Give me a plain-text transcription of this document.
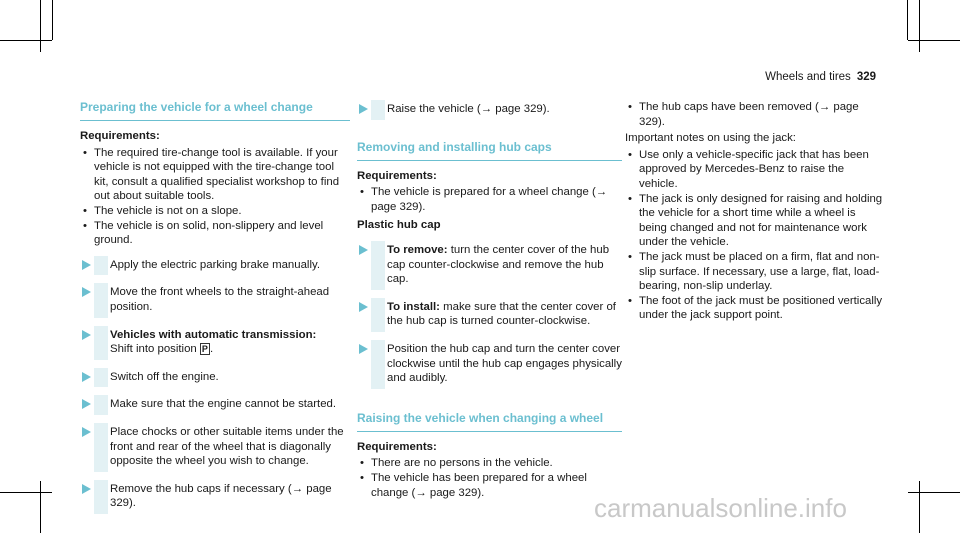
Wheels and tires 329
Preparing the vehicle for a wheel change
Requirements:
• The required tire-change tool is available. If your vehicle is not equipped with the tire-change tool kit, consult a qualified specialist workshop to find out about suitable tools.
• The vehicle is not on a slope.
• The vehicle is on solid, non-slippery and level ground.
Apply the electric parking brake manually.
Move the front wheels to the straight-ahead position.
Vehicles with automatic transmission:
Shift into position P .
Switch off the engine.
Make sure that the engine cannot be started.
Place chocks or other suitable items under the front and rear of the wheel that is diagonally opposite the wheel you wish to change.
Remove the hub caps if necessary (→ page 329).
Raise the vehicle (→ page 329).
Removing and installing hub caps
Requirements:
• The vehicle is prepared for a wheel change (→ page 329).
Plastic hub cap
To remove: turn the center cover of the hub cap counter-clockwise and remove the hub cap.
To install: make sure that the center cover of the hub cap is turned counter-clockwise.
Position the hub cap and turn the center cover clockwise until the hub cap engages physically and audibly.
Raising the vehicle when changing a wheel
Requirements:
• There are no persons in the vehicle.
• The vehicle has been prepared for a wheel change (→ page 329).
• The hub caps have been removed (→ page 329).
Important notes on using the jack:
• Use only a vehicle-specific jack that has been approved by Mercedes-Benz to raise the vehicle.
• The jack is only designed for raising and holding the vehicle for a short time while a wheel is being changed and not for maintenance work under the vehicle.
• The jack must be placed on a firm, flat and non-slip surface. If necessary, use a large, flat, load-bearing, non-slip underlay.
• The foot of the jack must be positioned vertically under the jack support point.
carmanualsonline.info
